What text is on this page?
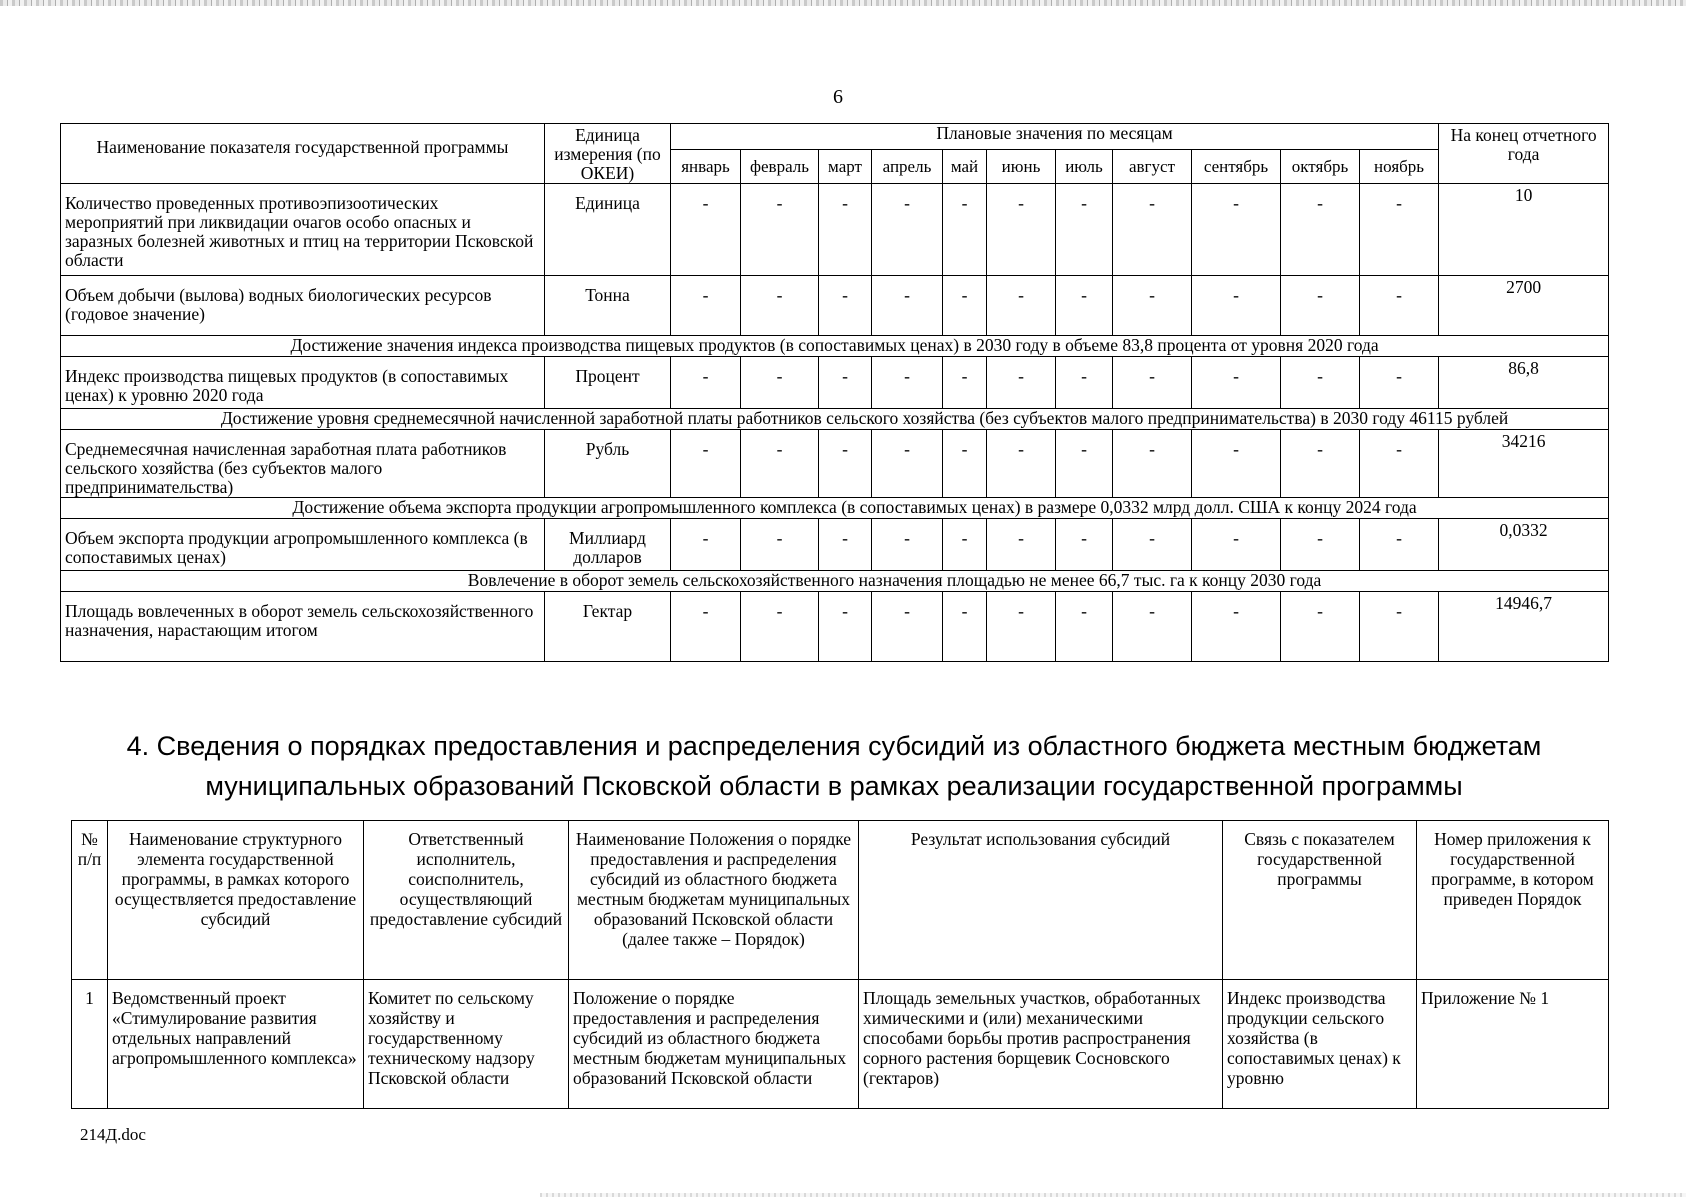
6
Наименование показателя государственной программы	Единица измерения (по ОКЕИ)	Плановые значения по месяцам											На конец отчетного года
		январь	февраль	март	апрель	май	июнь	июль	август	сентябрь	октябрь	ноябрь	
Количество проведенных противоэпизоотических мероприятий при ликвидации очагов особо опасных и заразных болезней животных и птиц на территории Псковской области	Единица	-	-	-	-	-	-	-	-	-	-	-	10
Объем добычи (вылова) водных биологических ресурсов (годовое значение)	Тонна	-	-	-	-	-	-	-	-	-	-	-	2700
Достижение значения индекса производства пищевых продуктов (в сопоставимых ценах) в 2030 году в объеме 83,8 процента от уровня 2020 года													
Индекс производства пищевых продуктов (в сопоставимых ценах) к уровню 2020 года	Процент	-	-	-	-	-	-	-	-	-	-	-	86,8
Достижение уровня среднемесячной начисленной заработной платы работников сельского хозяйства (без субъектов малого предпринимательства) в 2030 году 46115 рублей													
Среднемесячная начисленная заработная плата работников сельского хозяйства (без субъектов малого предпринимательства)	Рубль	-	-	-	-	-	-	-	-	-	-	-	34216
Достижение объема экспорта продукции агропромышленного комплекса (в сопоставимых ценах) в размере 0,0332 млрд долл. США к концу 2024 года													
Объем экспорта продукции агропромышленного комплекса (в сопоставимых ценах)	Миллиард долларов	-	-	-	-	-	-	-	-	-	-	-	0,0332
Вовлечение в оборот земель сельскохозяйственного назначения площадью не менее 66,7 тыс. га к концу 2030 года													
Площадь вовлеченных в оборот земель сельскохозяйственного назначения, нарастающим итогом	Гектар	-	-	-	-	-	-	-	-	-	-	-	14946,7
4. Сведения о порядках предоставления и распределения субсидий из областного бюджета местным бюджетам
муниципальных образований Псковской области в рамках реализации государственной программы
№ п/п	Наименование структурного элемента государственной программы, в рамках которого осуществляется предоставление субсидий	Ответственный исполнитель, соисполнитель, осуществляющий предоставление субсидий	Наименование Положения о порядке предоставления и распределения субсидий из областного бюджета местным бюджетам муниципальных образований Псковской области (далее также – Порядок)	Результат использования субсидий	Связь с показателем государственной программы	Номер приложения к государственной программе, в котором приведен Порядок
1	Ведомственный проект «Стимулирование развития отдельных направлений агропромышленного комплекса»	Комитет по сельскому хозяйству и государственному техническому надзору Псковской области	Положение о порядке предоставления и распределения субсидий из областного бюджета местным бюджетам муниципальных образований Псковской области	Площадь земельных участков, обработанных химическими и (или) механическими способами борьбы против распространения сорного растения борщевик Сосновского (гектаров)	Индекс производства продукции сельского хозяйства (в сопоставимых ценах) к уровню	Приложение № 1
214Д.doc
